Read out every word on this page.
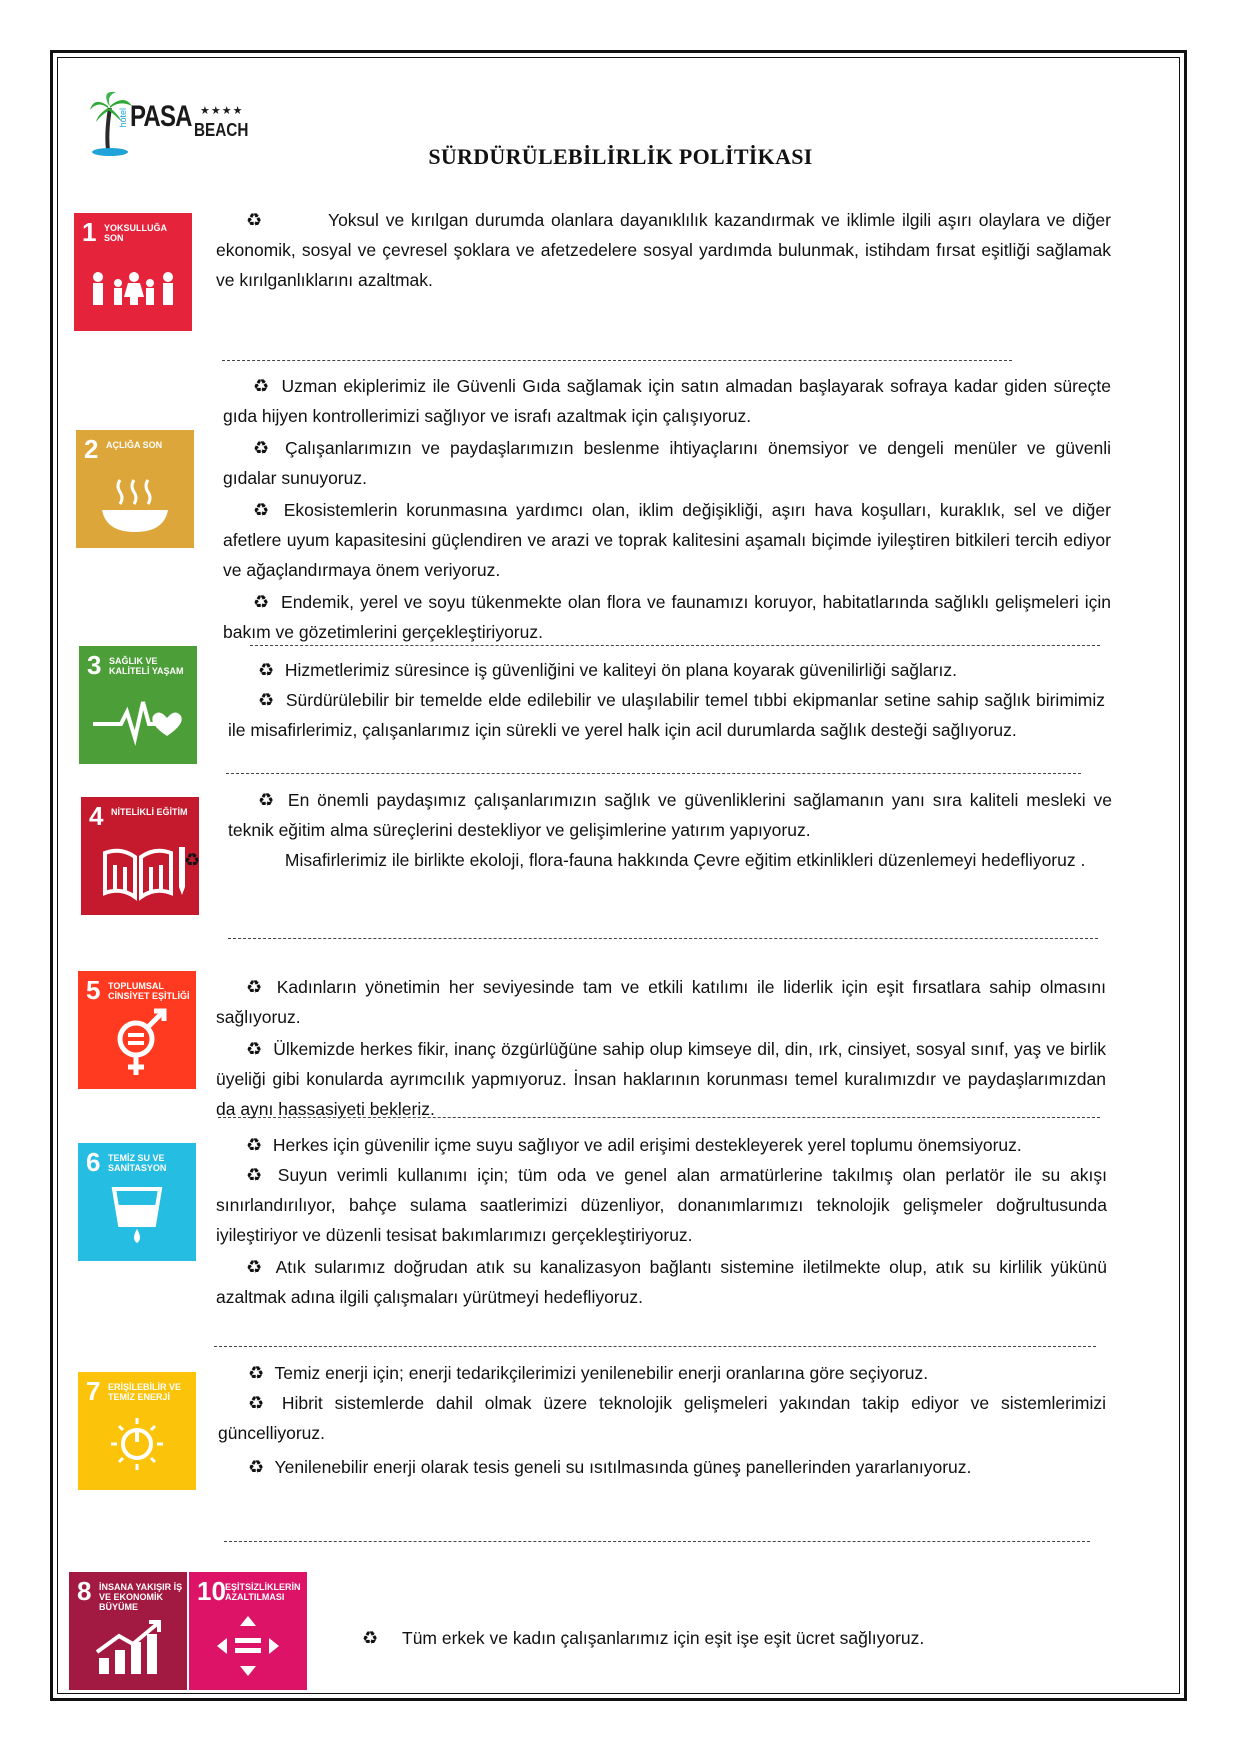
hotel PASA ★★★★
BEACH
SÜRDÜRÜLEBİLİRLİK POLİTİKASI
1 YOKSULLUĞA SON
2 AÇLIĞA SON
3 SAĞLIK VE KALİTELİ YAŞAM
4 NİTELİKLİ EĞİTİM
5 TOPLUMSAL CİNSİYET EŞİTLİĞİ
6 TEMİZ SU VE SANİTASYON
7 ERİŞİLEBİLİR VE TEMİZ ENERJİ
8 İNSANA YAKIŞIR İŞ VE EKONOMİK BÜYÜME
10 EŞİTSİZLİKLERİN AZALTILMASI

♻	Yoksul ve kırılgan durumda olanlara dayanıklılık kazandırmak ve iklimle ilgili aşırı olaylara ve diğer ekonomik, sosyal ve çevresel şoklara ve afetzedelere sosyal yardımda bulunmak, istihdam fırsat eşitliği sağlamak ve kırılganlıklarını azaltmak.

♻ Uzman ekiplerimiz ile Güvenli Gıda sağlamak için satın almadan başlayarak sofraya kadar giden süreçte gıda hijyen kontrollerimizi sağlıyor ve israfı azaltmak için çalışıyoruz.

♻ Çalışanlarımızın ve paydaşlarımızın beslenme ihtiyaçlarını önemsiyor ve dengeli menüler ve güvenli gıdalar sunuyoruz.

♻ Ekosistemlerin korunmasına yardımcı olan, iklim değişikliği, aşırı hava koşulları, kuraklık, sel ve diğer afetlere uyum kapasitesini güçlendiren ve arazi ve toprak kalitesini aşamalı biçimde iyileştiren bitkileri tercih ediyor ve ağaçlandırmaya önem veriyoruz.

♻ Endemik, yerel ve soyu tükenmekte olan flora ve faunamızı koruyor, habitatlarında sağlıklı gelişmeleri için bakım ve gözetimlerini gerçekleştiriyoruz.

♻ Hizmetlerimiz süresince iş güvenliğini ve kaliteyi ön plana koyarak güvenilirliği sağlarız.

♻ Sürdürülebilir bir temelde elde edilebilir ve ulaşılabilir temel tıbbi ekipmanlar setine sahip sağlık birimimiz ile misafirlerimiz, çalışanlarımız için sürekli ve yerel halk için acil durumlarda sağlık desteği sağlıyoruz.

♻ En önemli paydaşımız çalışanlarımızın sağlık ve güvenliklerini sağlamanın yanı sıra kaliteli mesleki ve teknik eğitim alma süreçlerini destekliyor ve gelişimlerine yatırım yapıyoruz.

♻	Misafirlerimiz ile birlikte ekoloji, flora-fauna hakkında Çevre eğitim etkinlikleri düzenlemeyi hedefliyoruz .

♻ Kadınların yönetimin her seviyesinde tam ve etkili katılımı ile liderlik için eşit fırsatlara sahip olmasını sağlıyoruz.

♻ Ülkemizde herkes fikir, inanç özgürlüğüne sahip olup kimseye dil, din, ırk, cinsiyet, sosyal sınıf, yaş ve birlik üyeliği gibi konularda ayrımcılık yapmıyoruz. İnsan haklarının korunması temel kuralımızdır ve paydaşlarımızdan da aynı hassasiyeti bekleriz.

♻ Herkes için güvenilir içme suyu sağlıyor ve adil erişimi destekleyerek yerel toplumu önemsiyoruz.

♻ Suyun verimli kullanımı için; tüm oda ve genel alan armatürlerine takılmış olan perlatör ile su akışı sınırlandırılıyor, bahçe sulama saatlerimizi düzenliyor, donanımlarımızı teknolojik gelişmeler doğrultusunda iyileştiriyor ve düzenli tesisat bakımlarımızı gerçekleştiriyoruz.

♻ Atık sularımız doğrudan atık su kanalizasyon bağlantı sistemine iletilmekte olup, atık su kirlilik yükünü azaltmak adına ilgili çalışmaları yürütmeyi hedefliyoruz.

♻ Temiz enerji için; enerji tedarikçilerimizi yenilenebilir enerji oranlarına göre seçiyoruz.

♻ Hibrit sistemlerde dahil olmak üzere teknolojik gelişmeleri yakından takip ediyor ve sistemlerimizi güncelliyoruz.

♻ Yenilenebilir enerji olarak tesis geneli su ısıtılmasında güneş panellerinden yararlanıyoruz.

♻ Tüm erkek ve kadın çalışanlarımız için eşit işe eşit ücret sağlıyoruz.
